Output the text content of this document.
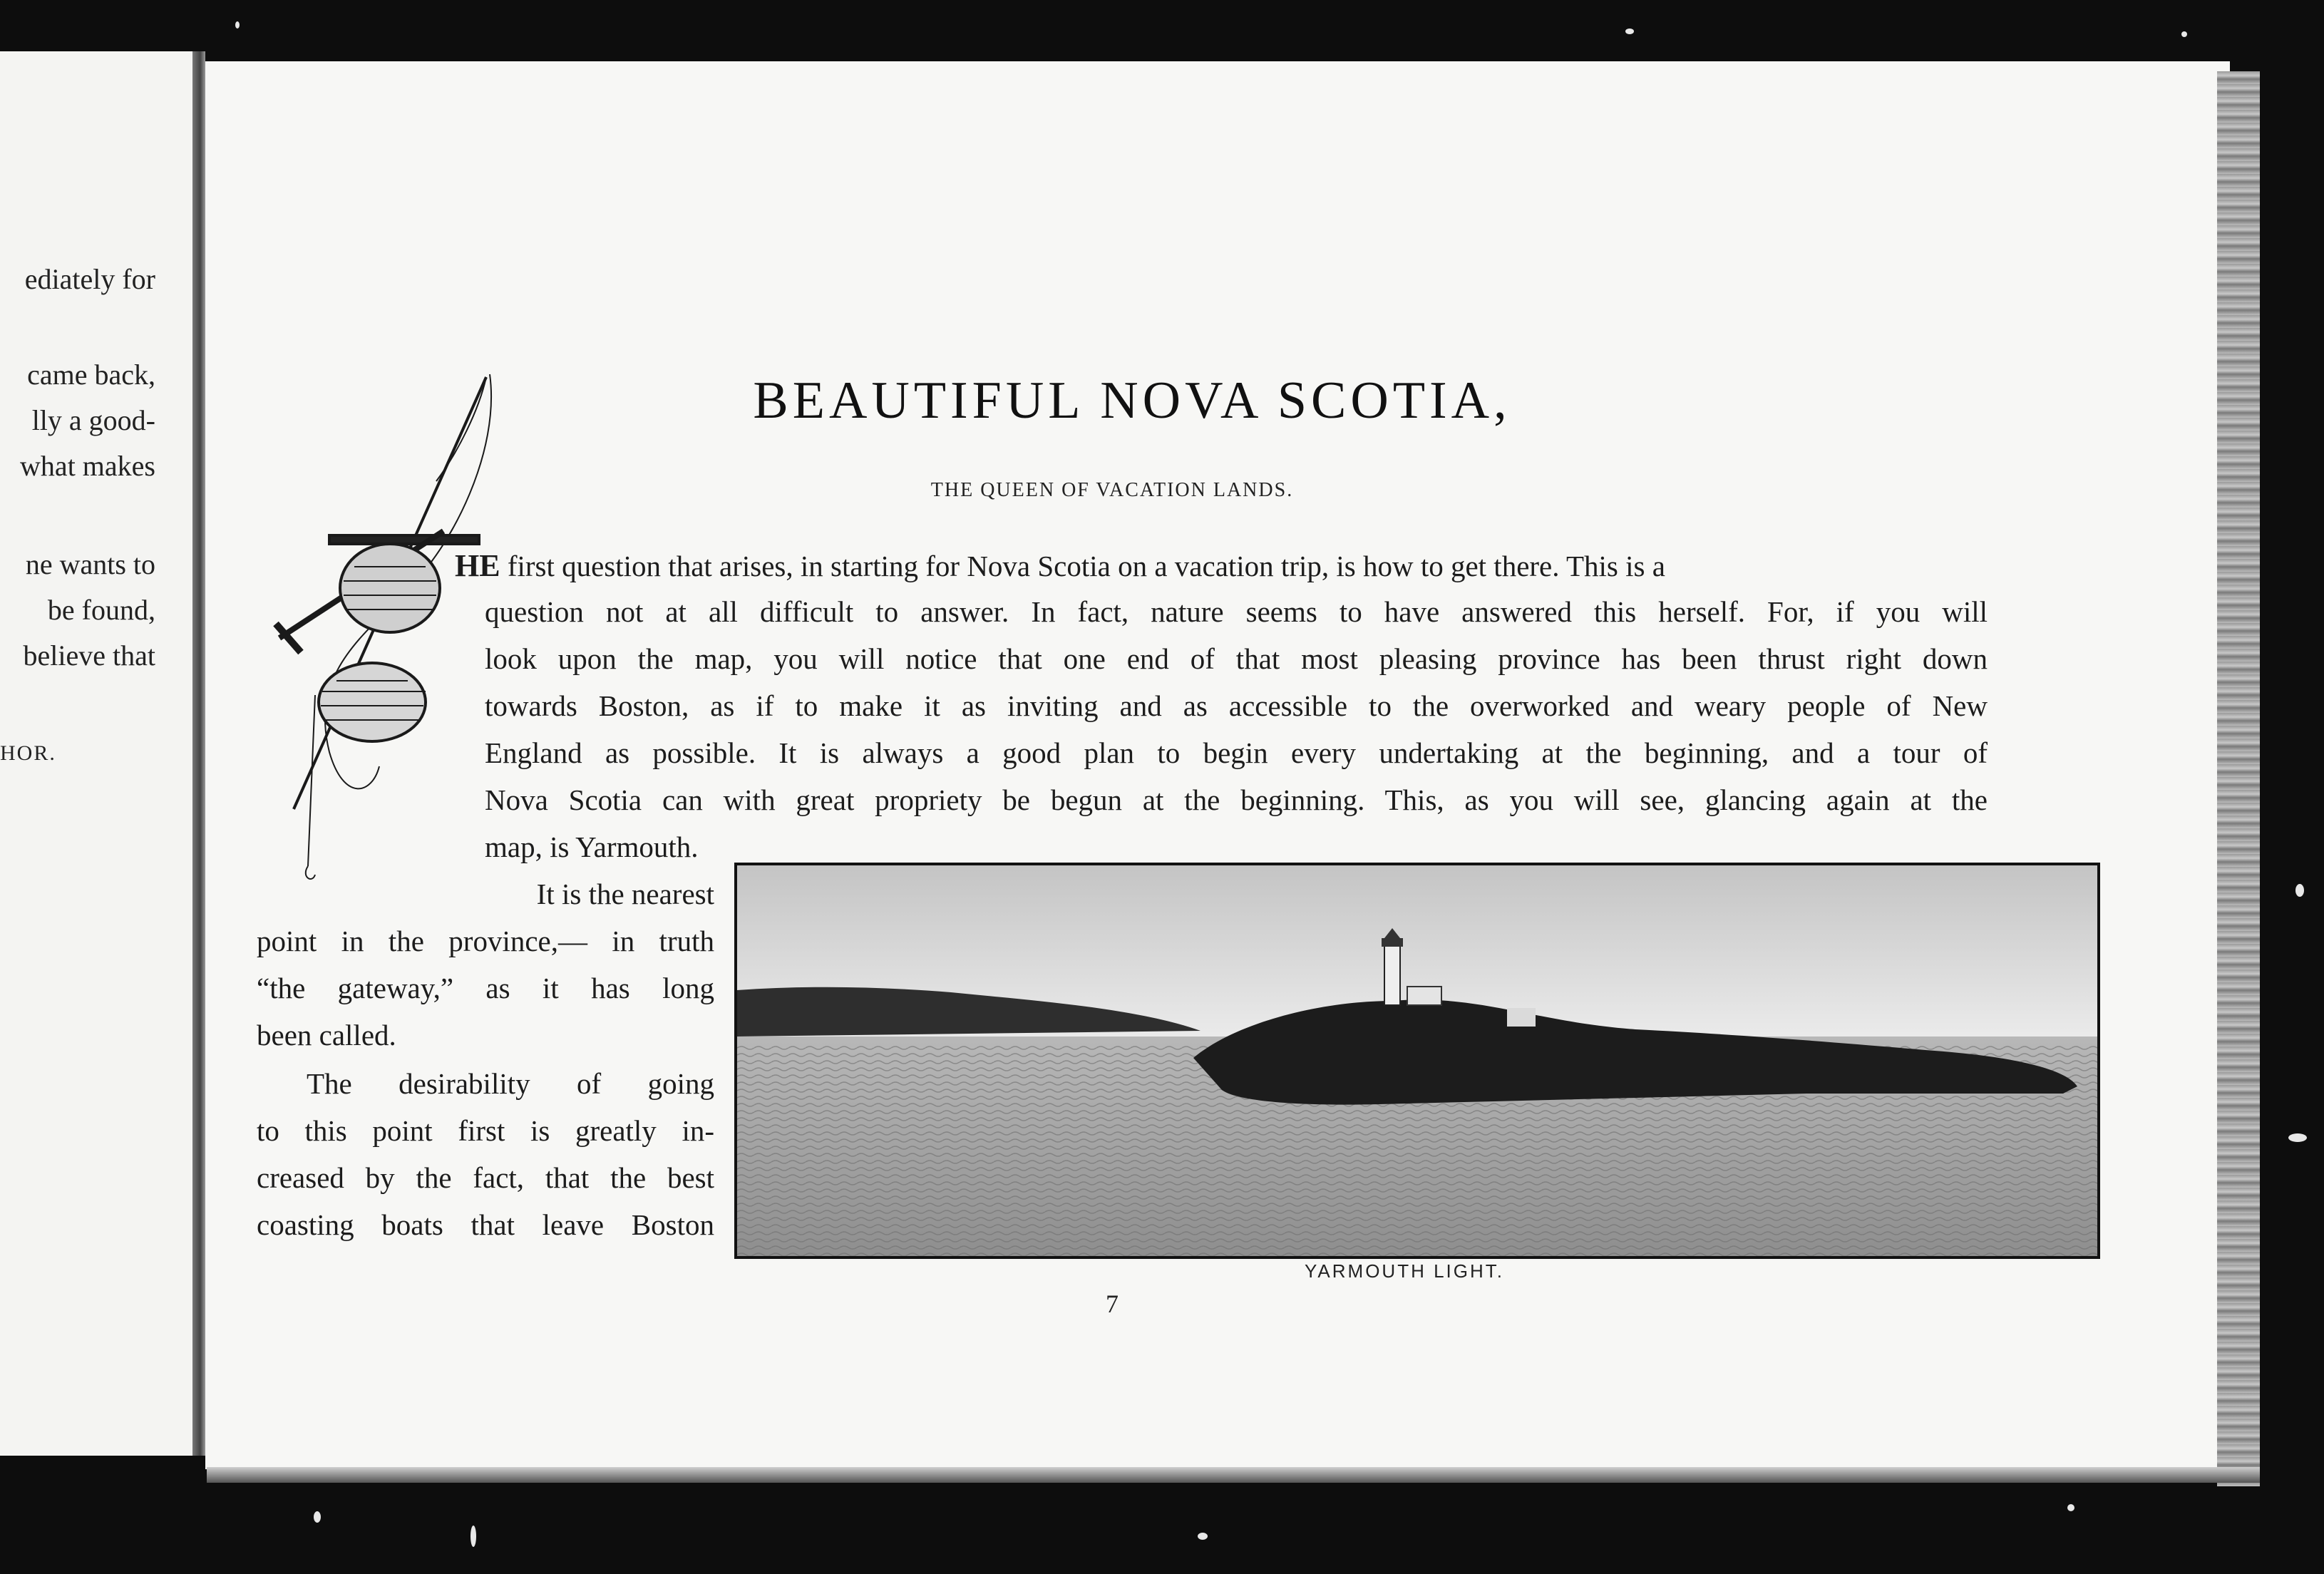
ediately for
came back,
lly a good-
what makes
ne wants to
be found,
believe that
HOR.
BEAUTIFUL NOVA SCOTIA,
THE QUEEN OF VACATION LANDS.
HE first question that arises, in starting for Nova Scotia on a vacation trip, is how to get there. This is a
question not at all difficult to answer. In fact, nature seems to have answered this herself. For, if you will
look upon the map, you will notice that one end of that most pleasing province has been thrust right down
towards Boston, as if to make it as inviting and as accessible to the overworked and weary people of New
England as possible. It is always a good plan to begin every undertaking at the beginning, and a tour of
Nova Scotia can with great propriety be begun at the beginning. This, as you will see, glancing again at the
map, is Yarmouth.
It is the nearest
point in the province,— in truth
“the gateway,” as it has long
been called.
The desirability of going
to this point first is greatly in-
creased by the fact, that the best
coasting boats that leave Boston
YARMOUTH LIGHT.
7
